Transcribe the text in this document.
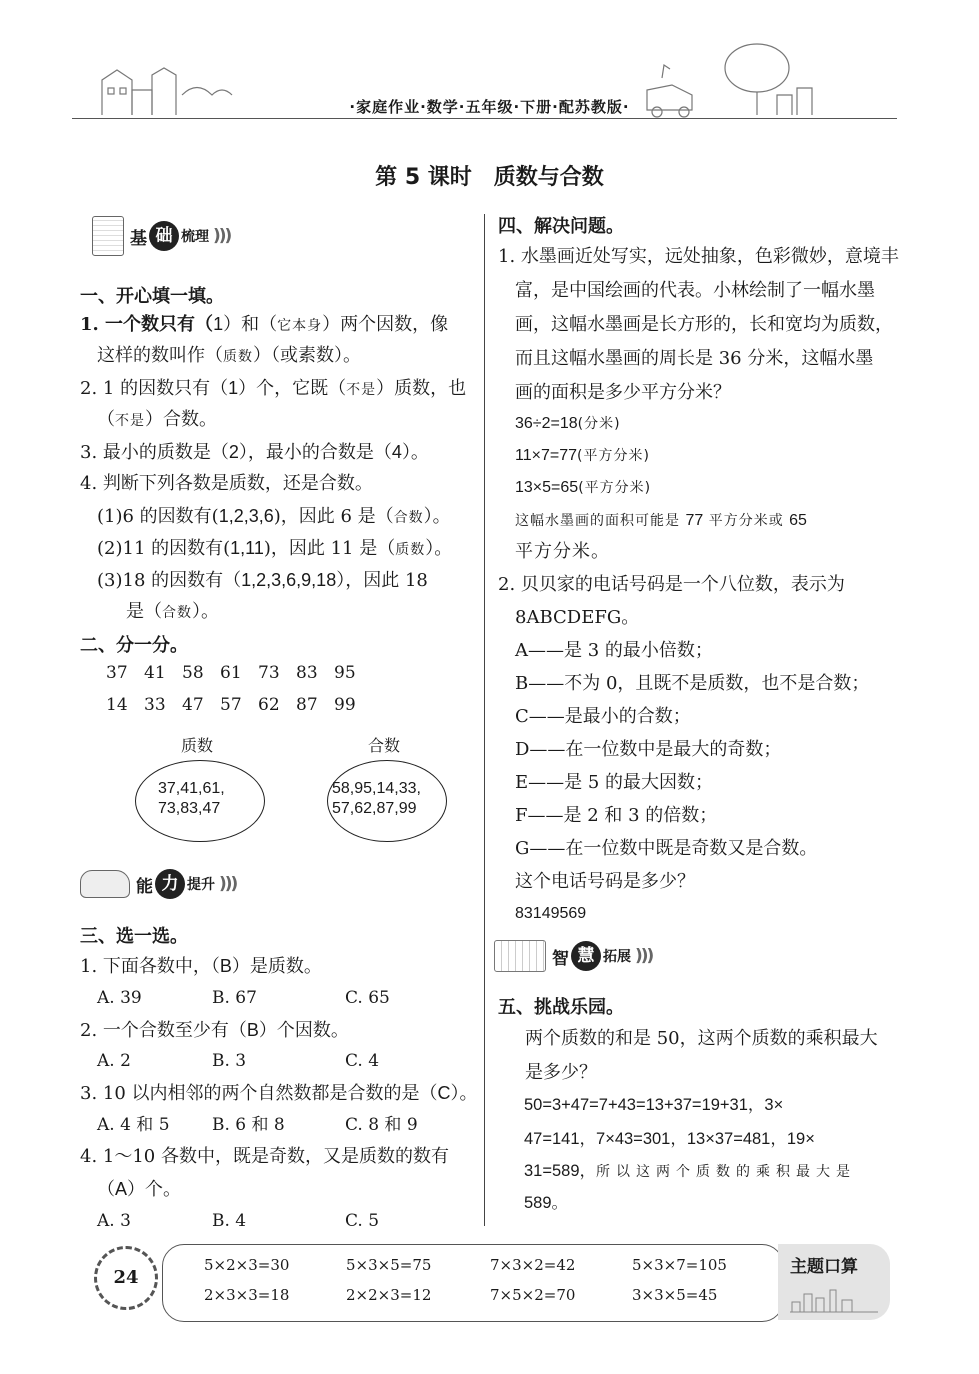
·家庭作业·数学·五年级·下册·配苏教版·
第 5 课时　质数与合数
基 础 梳理 )))
一、开心填一填。
1. 一个数只有（1）和（它本身）两个因数，像
这样的数叫作（质数）（或素数）。
2. 1 的因数只有（1）个，它既（不是）质数，也
（不是）合数。
3. 最小的质数是（2），最小的合数是（4）。
4. 判断下列各数是质数，还是合数。
(1)6 的因数有(1,2,3,6)，因此 6 是（合数）。
(2)11 的因数有(1,11)，因此 11 是（质数）。
(3)18 的因数有（1,2,3,6,9,18），因此 18
是（合数）。
二、分一分。
37 41 58 61 73 83 95
14 33 47 57 62 87 99
质数	合数
37,41,61,
73,83,47
58,95,14,33,
57,62,87,99
能 力 提升 )))
三、选一选。
1. 下面各数中，（B）是质数。
A. 39	B. 67	C. 65
2. 一个合数至少有（B）个因数。
A. 2	B. 3	C. 4
3. 10 以内相邻的两个自然数都是合数的是（C）。
A. 4 和 5 B. 6 和 8	C. 8 和 9
4. 1～10 各数中，既是奇数，又是质数的数有
（A）个。
A. 3	B. 4	C. 5
四、解决问题。
1. 水墨画近处写实，远处抽象，色彩微妙，意境丰
富，是中国绘画的代表。小林绘制了一幅水墨
画，这幅水墨画是长方形的，长和宽均为质数，
而且这幅水墨画的周长是 36 分米，这幅水墨
画的面积是多少平方分米？
36÷2=18(分米)
11×7=77(平方分米)
13×5=65(平方分米)
这幅水墨画的面积可能是 77 平方分米或 65
平方分米。
2. 贝贝家的电话号码是一个八位数，表示为
8ABCDEFG。
A——是 3 的最小倍数；
B——不为 0，且既不是质数，也不是合数；
C——是最小的合数；
D——在一位数中是最大的奇数；
E——是 5 的最大因数；
F——是 2 和 3 的倍数；
G——在一位数中既是奇数又是合数。
这个电话号码是多少？
83149569
智 慧 拓展 )))
五、挑战乐园。
两个质数的和是 50，这两个质数的乘积最大
是多少？
50=3+47=7+43=13+37=19+31，3×
47=141，7×43=301，13×37=481，19×
31=589，所以这两个质数的乘积最大是
589。
24	主题口算
5×2×3=30	5×3×5=75	7×3×2=42	5×3×7=105
2×3×3=18	2×2×3=12	7×5×2=70	3×3×5=45
